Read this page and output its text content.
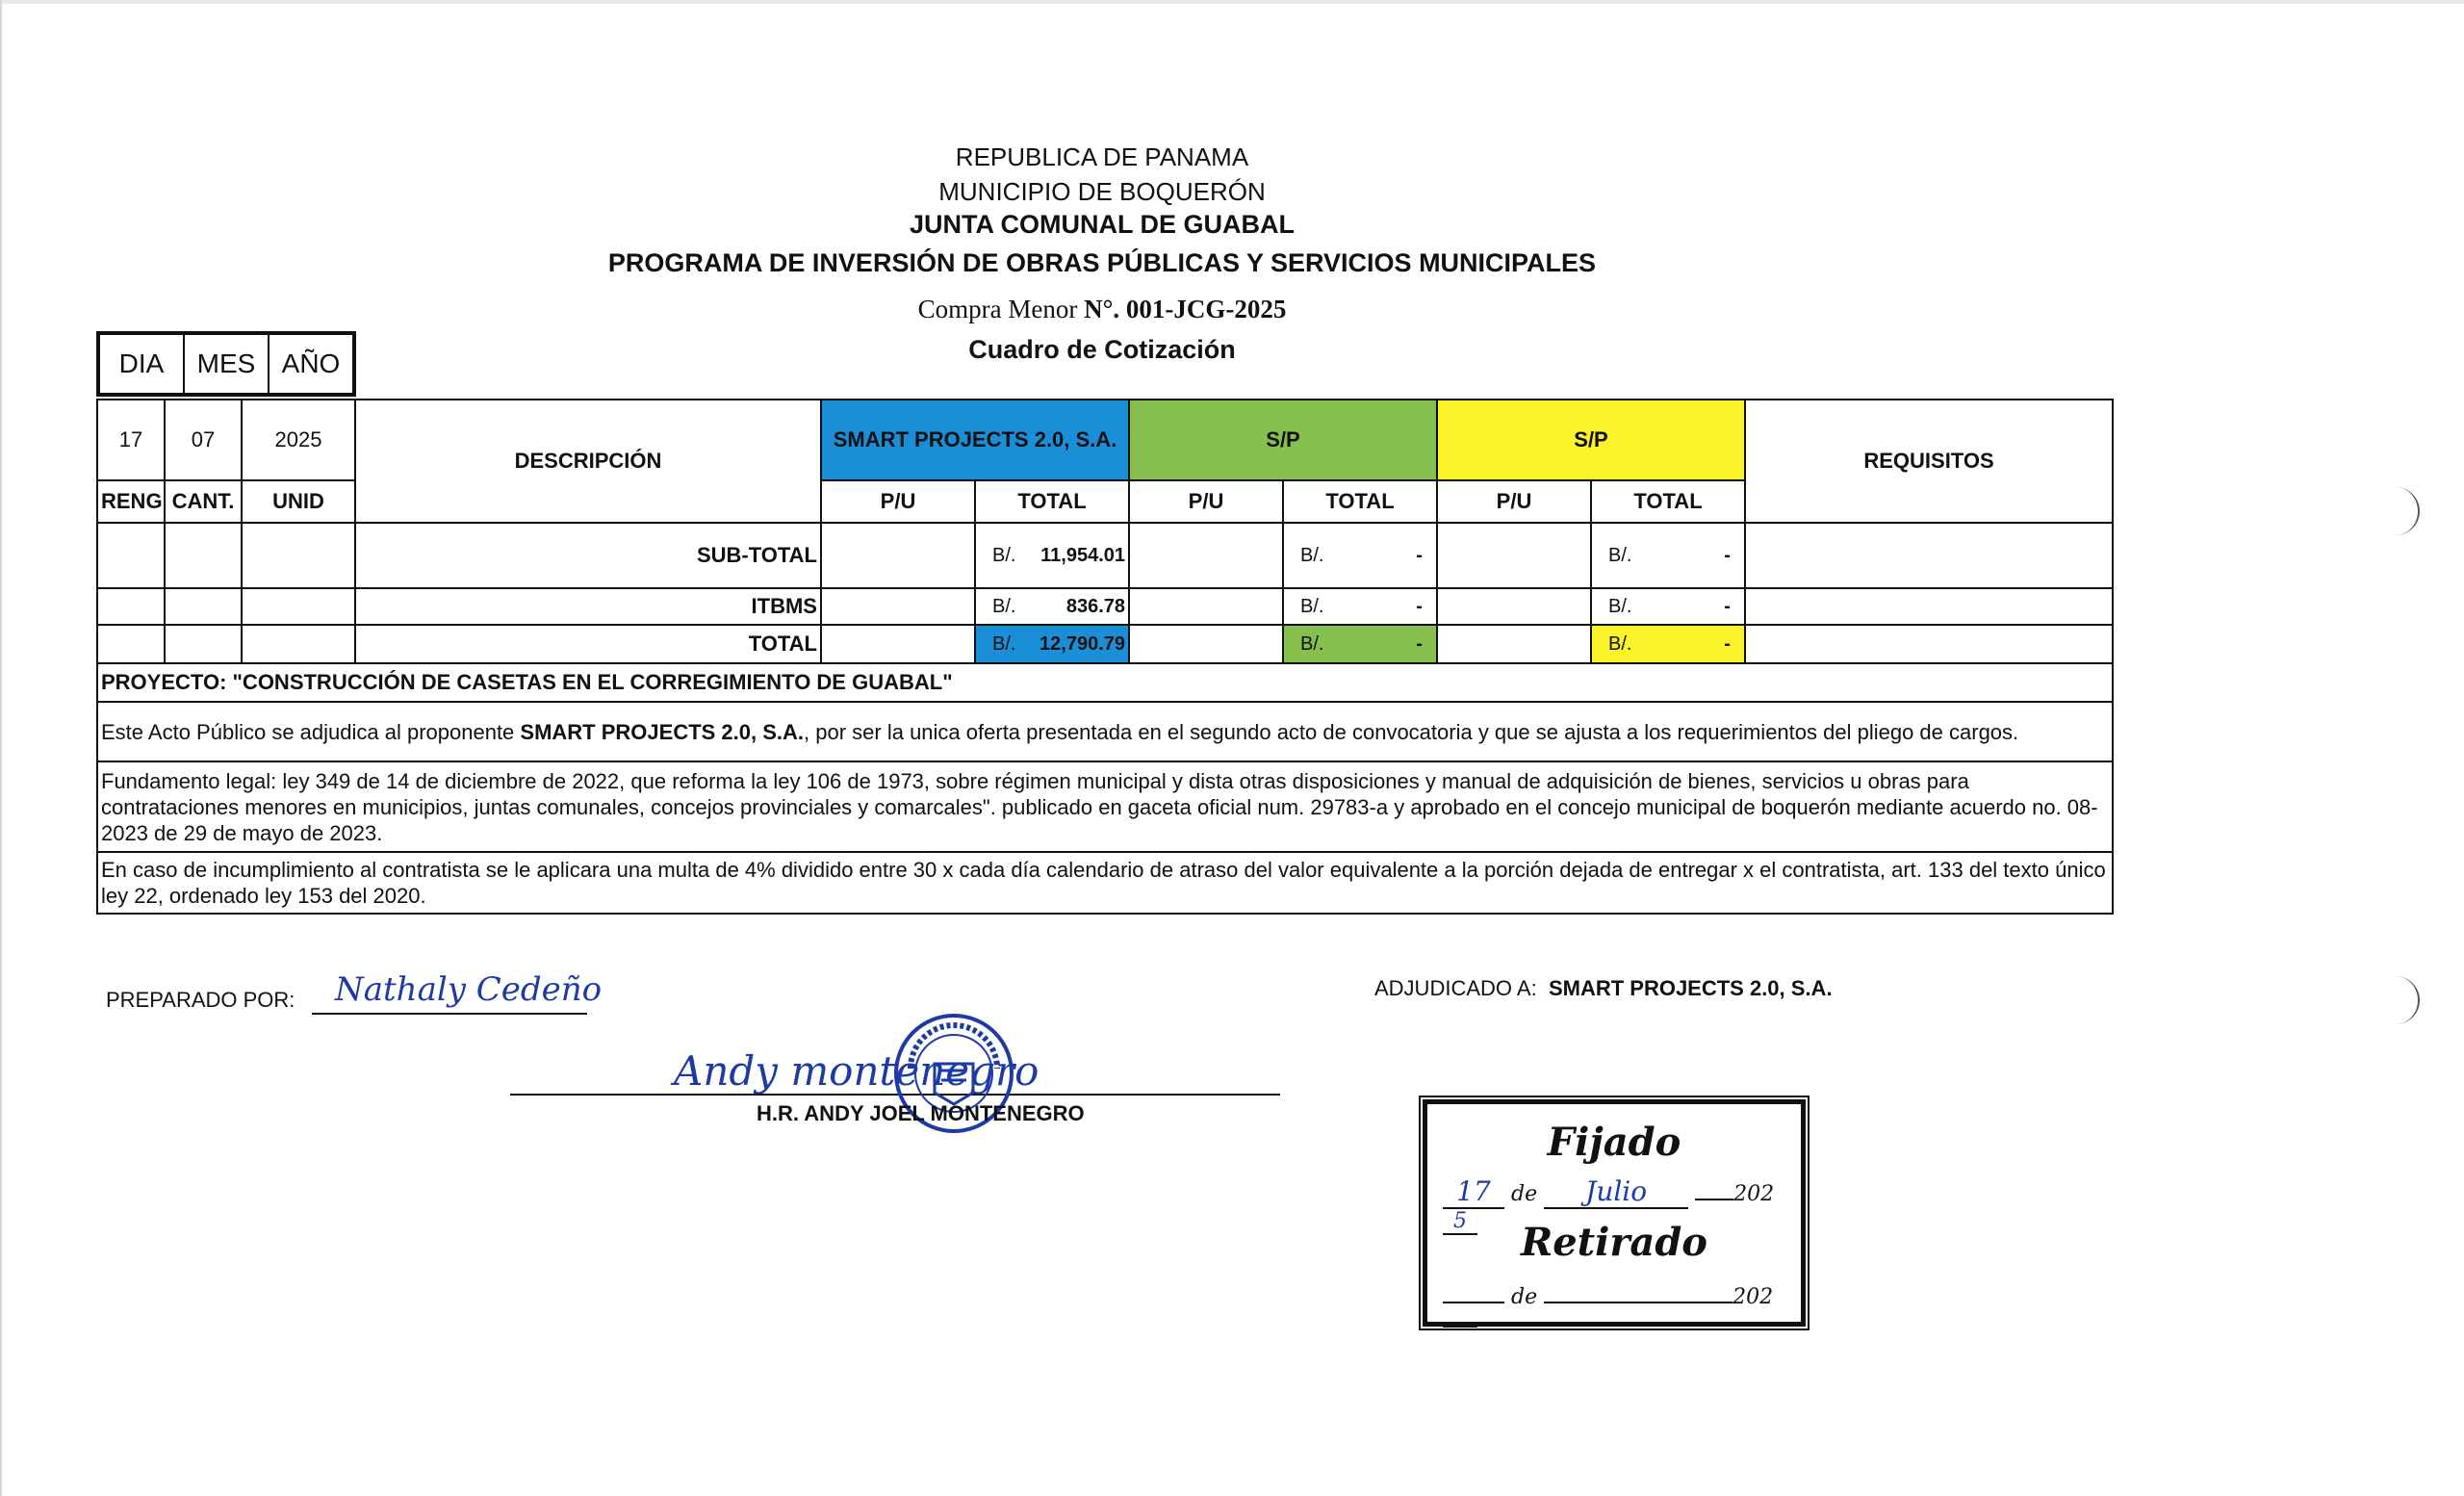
REPUBLICA DE PANAMA
MUNICIPIO DE BOQUERÓN
JUNTA COMUNAL DE GUABAL
PROGRAMA DE INVERSIÓN DE OBRAS PÚBLICAS Y SERVICIOS MUNICIPALES
Compra Menor N°. 001-JCG-2025
Cuadro de Cotización
DIA	MES AÑO
17	07	2025	DESCRIPCIÓN	SMART PROJECTS 2.0, S.A.		S/P		S/P		REQUISITOS
RENG	CANT.	UNID		P/U	TOTAL	P/U	TOTAL	P/U	TOTAL	
			SUB-TOTAL		B/. 11,954.01		B/. -		B/. -	
			ITBMS		B/. 836.78		B/. -		B/. -	
			TOTAL		B/. 12,790.79		B/. -		B/. -	
PROYECTO: "CONSTRUCCIÓN DE CASETAS EN EL CORREGIMIENTO DE GUABAL"										
Este Acto Público se adjudica al proponente SMART PROJECTS 2.0, S.A., por ser la unica oferta presentada en el segundo acto de convocatoria y que se ajusta a los requerimientos del pliego de cargos.										
Fundamento legal: ley 349 de 14 de diciembre de 2022, que reforma la ley 106 de 1973, sobre régimen municipal y dista otras disposiciones y manual de adquisición de bienes, servicios u obras para contrataciones menores en municipios, juntas comunales, concejos provinciales y comarcales". publicado en gaceta oficial num. 29783-a y aprobado en el concejo municipal de boquerón mediante acuerdo no. 08-2023 de 29 de mayo de 2023.										
En caso de incumplimiento al contratista se le aplicara una multa de 4% dividido entre 30 x cada día calendario de atraso del valor equivalente a la porción dejada de entregar x el contratista, art. 133 del texto único ley 22, ordenado ley 153 del 2020.										
PREPARADO POR: Nathaly Cedeño	ADJUDICADO A: SMART PROJECTS 2.0, S.A.
Andy montenegro
H.R. ANDY JOEL MONTENEGRO
Fijado
17 de Julio	2025	Retirado
de	202
